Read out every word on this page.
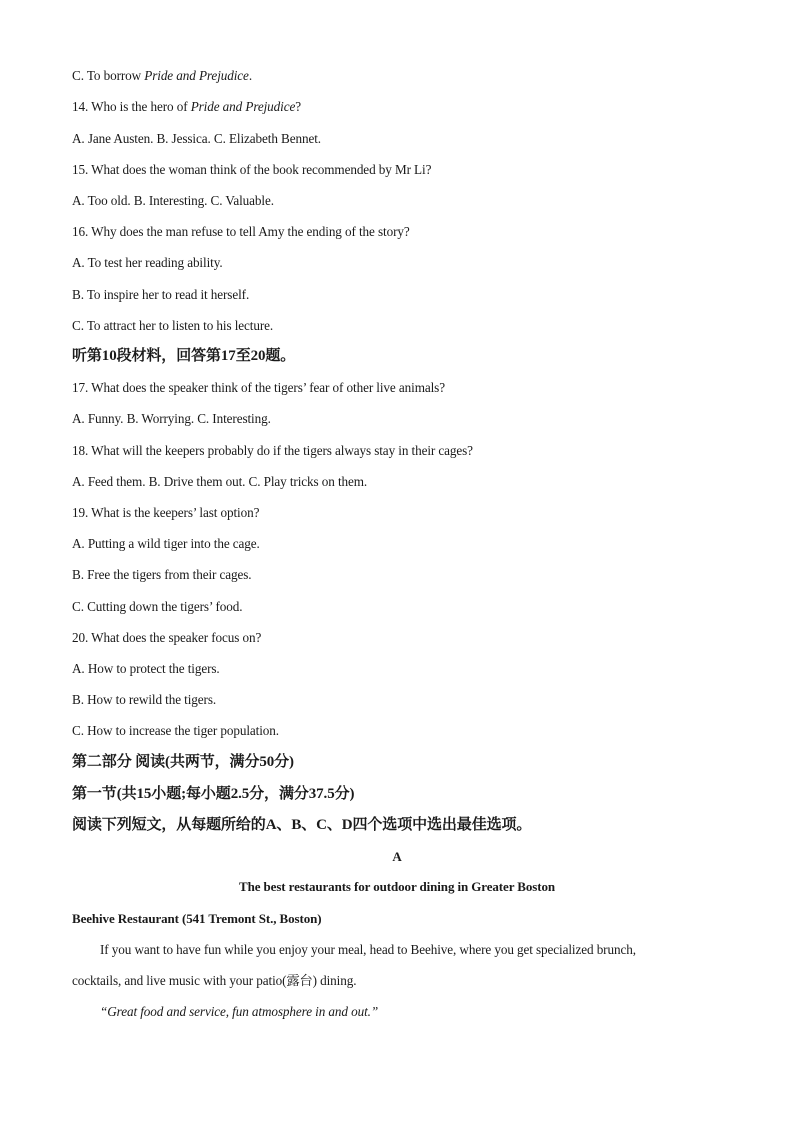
C. To borrow Pride and Prejudice.
14. Who is the hero of Pride and Prejudice?
A. Jane Austen. B. Jessica. C. Elizabeth Bennet.
15. What does the woman think of the book recommended by Mr Li?
A. Too old. B. Interesting. C. Valuable.
16. Why does the man refuse to tell Amy the ending of the story?
A. To test her reading ability.
B. To inspire her to read it herself.
C. To attract her to listen to his lecture.
听第10段材料，回答第17至20题。
17. What does the speaker think of the tigers’ fear of other live animals?
A. Funny. B. Worrying. C. Interesting.
18. What will the keepers probably do if the tigers always stay in their cages?
A. Feed them. B. Drive them out. C. Play tricks on them.
19. What is the keepers’ last option?
A. Putting a wild tiger into the cage.
B. Free the tigers from their cages.
C. Cutting down the tigers’ food.
20. What does the speaker focus on?
A. How to protect the tigers.
B. How to rewild the tigers.
C. How to increase the tiger population.
第二部分 阅读(共两节，满分50分)
第一节(共15小题;每小题2.5分，满分37.5分)
阅读下列短文，从每题所给的A、B、C、D四个选项中选出最佳选项。
A
The best restaurants for outdoor dining in Greater Boston
Beehive Restaurant (541 Tremont St., Boston)
If you want to have fun while you enjoy your meal, head to Beehive, where you get specialized brunch,
cocktails, and live music with your patio(露台) dining.
“Great food and service, fun atmosphere in and out.”
